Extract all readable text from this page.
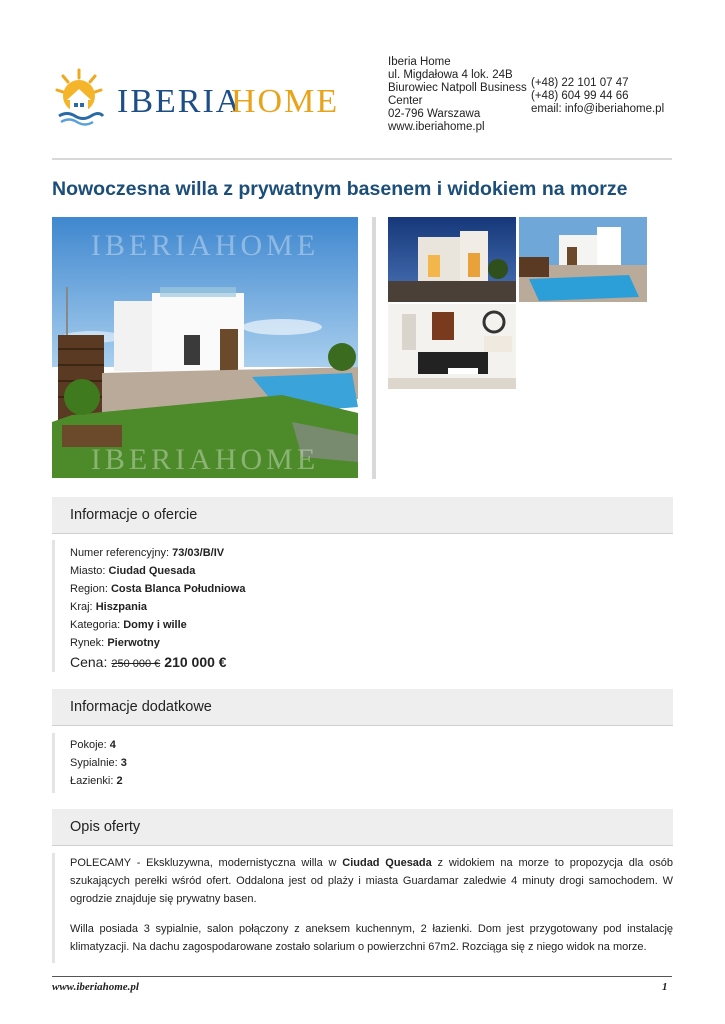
IBERIA
HOME
Iberia Home
ul. Migdałowa 4 lok. 24B
Biurowiec Natpoll Business
Center
02-796 Warszawa
www.iberiahome.pl
(+48) 22 101 07 47
(+48) 604 99 44 66
email: info@iberiahome.pl
Nowoczesna willa z prywatnym basenem i widokiem na morze
IBERIAHOME
IBERIAHOME
Informacje o ofercie
Numer referencyjny: 73/03/B/IV
Miasto: Ciudad Quesada
Region: Costa Blanca Południowa
Kraj: Hiszpania
Kategoria: Domy i wille
Rynek: Pierwotny
Cena: 250 000 € 210 000 €
Informacje dodatkowe
Pokoje: 4
Sypialnie: 3
Łazienki: 2
Opis oferty

POLECAMY - Ekskluzywna, modernistyczna willa w Ciudad Quesada z widokiem na morze to propozycja dla osób szukających perełki wśród ofert. Oddalona jest od plaży i miasta Guardamar zaledwie 4 minuty drogi samochodem. W ogrodzie znajduje się prywatny basen.

Willa posiada 3 sypialnie, salon połączony z aneksem kuchennym, 2 łazienki. Dom jest przygotowany pod instalację klimatyzacji. Na dachu zagospodarowane zostało solarium o powierzchni 67m2. Rozciąga się z niego widok na morze.

www.iberiahome.pl	1
